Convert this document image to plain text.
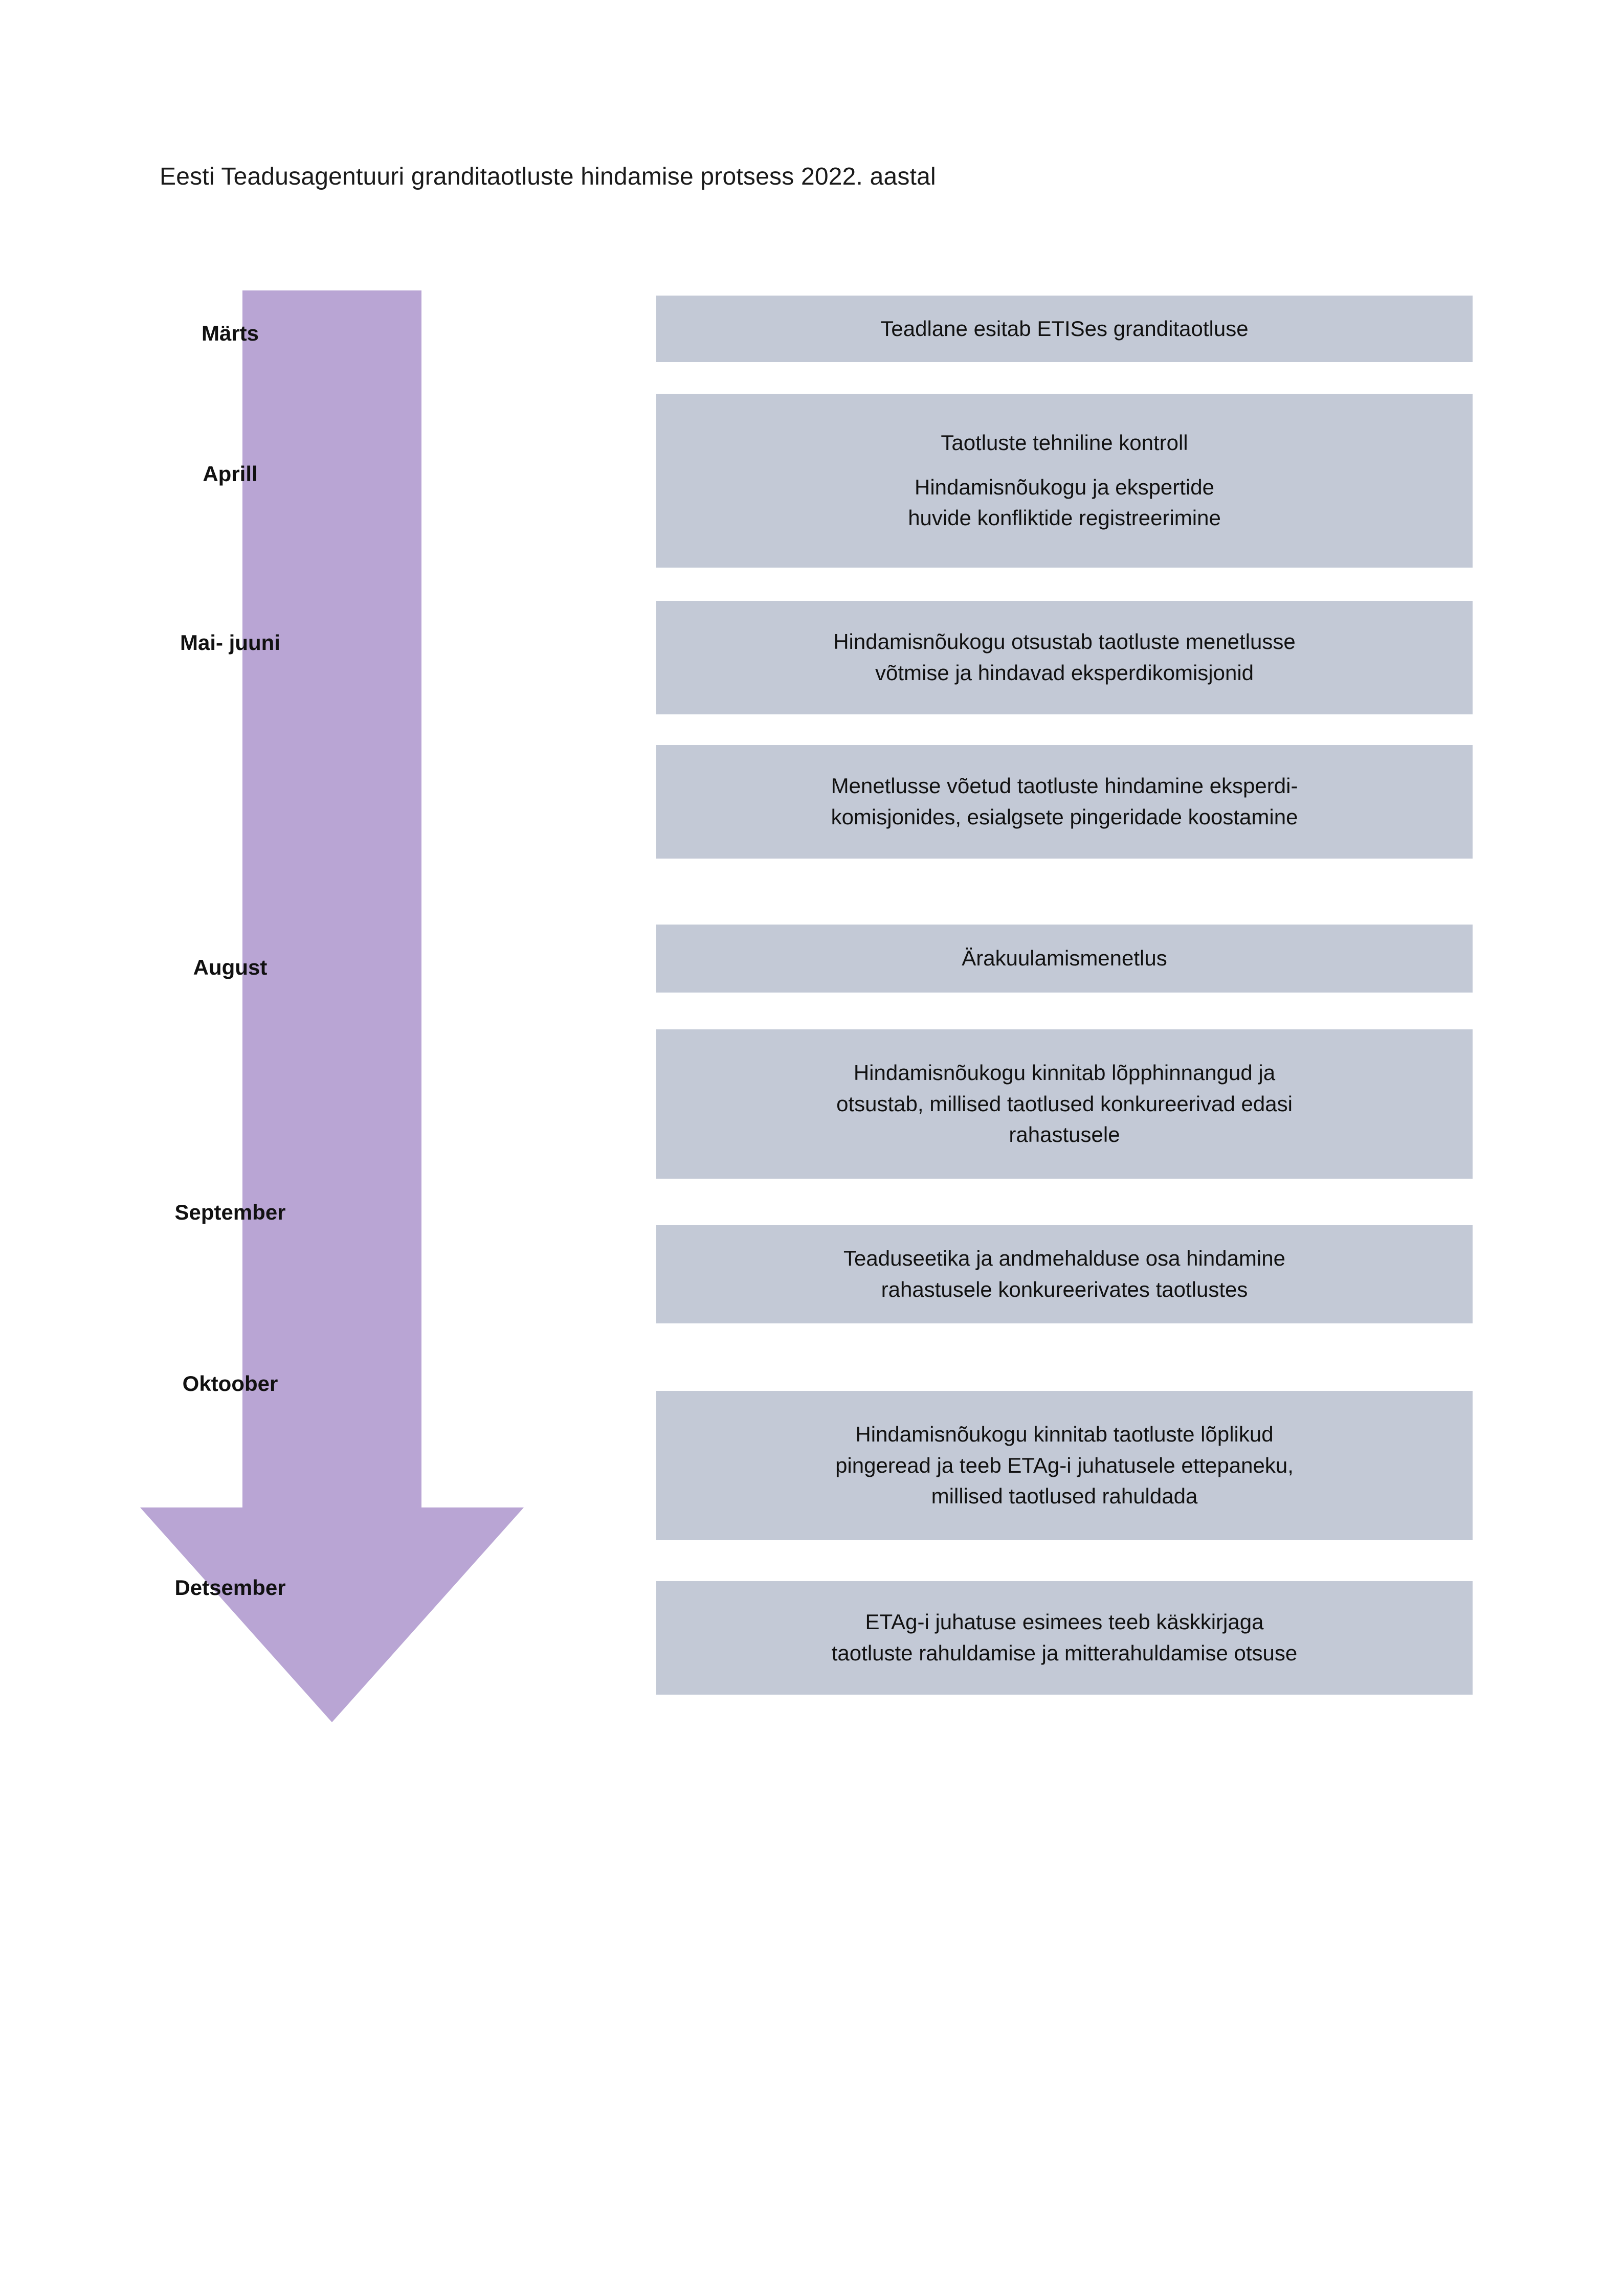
Eesti Teadusagentuuri granditaotluste hindamise protsess 2022. aastal
Märts
Aprill
Mai- juuni
August
September
Oktoober
Detsember

Teadlane esitab ETISes granditaotluse

Taotluste tehniline kontroll

Hindamisnõukogu ja ekspertide
huvide konfliktide registreerimine

Hindamisnõukogu otsustab taotluste menetlusse
võtmise ja hindavad eksperdikomisjonid

Menetlusse võetud taotluste hindamine eksperdi-
komisjonides, esialgsete pingeridade koostamine

Ärakuulamismenetlus

Hindamisnõukogu kinnitab lõpphinnangud ja
otsustab, millised taotlused konkureerivad edasi
rahastusele

Teaduseetika ja andmehalduse osa hindamine
rahastusele konkureerivates taotlustes

Hindamisnõukogu kinnitab taotluste lõplikud
pingeread ja teeb ETAg-i juhatusele ettepaneku,
millised taotlused rahuldada

ETAg-i juhatuse esimees teeb käskkirjaga
taotluste rahuldamise ja mitterahuldamise otsuse
